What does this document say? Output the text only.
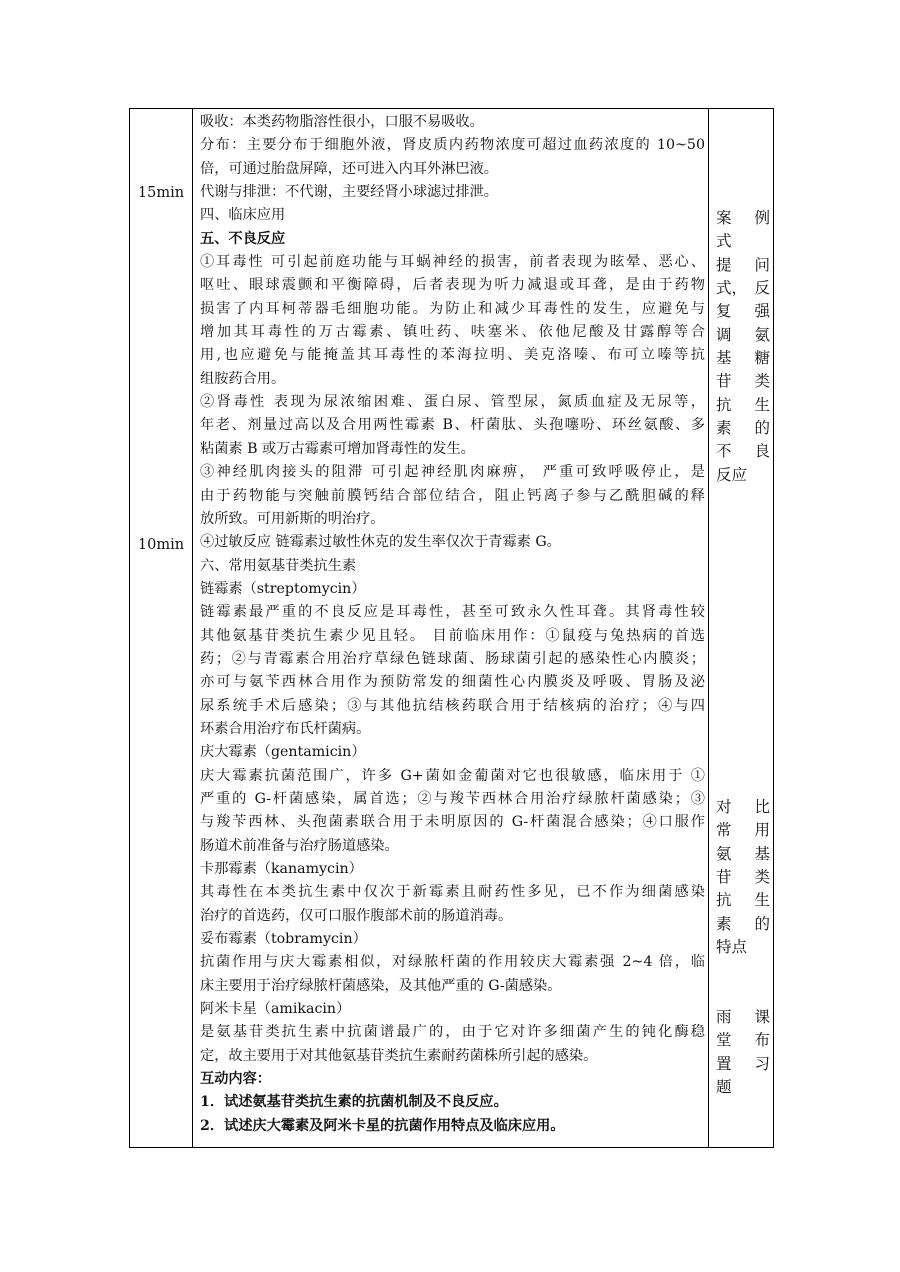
15min
10min
吸收：本类药物脂溶性很小，口服不易吸收。
分布：主要分布于细胞外液，肾皮质内药物浓度可超过血药浓度的 10~50
倍，可通过胎盘屏障，还可进入内耳外淋巴液。
代谢与排泄：不代谢，主要经肾小球滤过排泄。
四、临床应用
五、不良反应
①耳毒性 可引起前庭功能与耳蜗神经的损害，前者表现为眩晕、恶心、
呕吐、眼球震颤和平衡障碍，后者表现为听力减退或耳聋，是由于药物
损害了内耳柯蒂器毛细胞功能。为防止和减少耳毒性的发生，应避免与
增加其耳毒性的万古霉素、镇吐药、呋塞米、依他尼酸及甘露醇等合
用,也应避免与能掩盖其耳毒性的苯海拉明、美克洛嗪、布可立嗪等抗
组胺药合用。
②肾毒性 表现为尿浓缩困难、蛋白尿、管型尿，氮质血症及无尿等，
年老、剂量过高以及合用两性霉素 B、杆菌肽、头孢噻吩、环丝氨酸、多
粘菌素 B 或万古霉素可增加肾毒性的发生。
③神经肌肉接头的阻滞 可引起神经肌肉麻痹， 严重可致呼吸停止，是
由于药物能与突触前膜钙结合部位结合，阻止钙离子参与乙酰胆碱的释
放所致。可用新斯的明治疗。
④过敏反应 链霉素过敏性休克的发生率仅次于青霉素 G。
六、常用氨基苷类抗生素
链霉素（streptomycin）
链霉素最严重的不良反应是耳毒性，甚至可致永久性耳聋。其肾毒性较
其他氨基苷类抗生素少见且轻。 目前临床用作：①鼠疫与兔热病的首选
药；②与青霉素合用治疗草绿色链球菌、肠球菌引起的感染性心内膜炎；
亦可与氨苄西林合用作为预防常发的细菌性心内膜炎及呼吸、胃肠及泌
尿系统手术后感染；③与其他抗结核药联合用于结核病的治疗；④与四
环素合用治疗布氏杆菌病。
庆大霉素（gentamicin）
庆大霉素抗菌范围广，许多 G+菌如金葡菌对它也很敏感，临床用于 ①
严重的 G-杆菌感染，属首选；②与羧苄西林合用治疗绿脓杆菌感染；③
与羧苄西林、头孢菌素联合用于未明原因的 G-杆菌混合感染；④口服作
肠道术前准备与治疗肠道感染。
卡那霉素（kanamycin）
其毒性在本类抗生素中仅次于新霉素且耐药性多见，已不作为细菌感染
治疗的首选药，仅可口服作腹部术前的肠道消毒。
妥布霉素（tobramycin）
抗菌作用与庆大霉素相似，对绿脓杆菌的作用较庆大霉素强 2~4 倍，临
床主要用于治疗绿脓杆菌感染，及其他严重的 G-菌感染。
阿米卡星（amikacin）
是氨基苷类抗生素中抗菌谱最广的，由于它对许多细菌产生的钝化酶稳
定，故主要用于对其他氨基苷类抗生素耐药菌株所引起的感染。
互动内容：
1．试述氨基苷类抗生素的抗菌机制及不良反应。
2．试述庆大霉素及阿米卡星的抗菌作用特点及临床应用。
案 例
式
提 问
式， 反
复 强
调 氨
基 糖
苷 类
抗 生
素 的
不 良
反应
对 比
常 用
氨 基
苷 类
抗 生
素 的
特点
雨 课
堂 布
置 习
题
